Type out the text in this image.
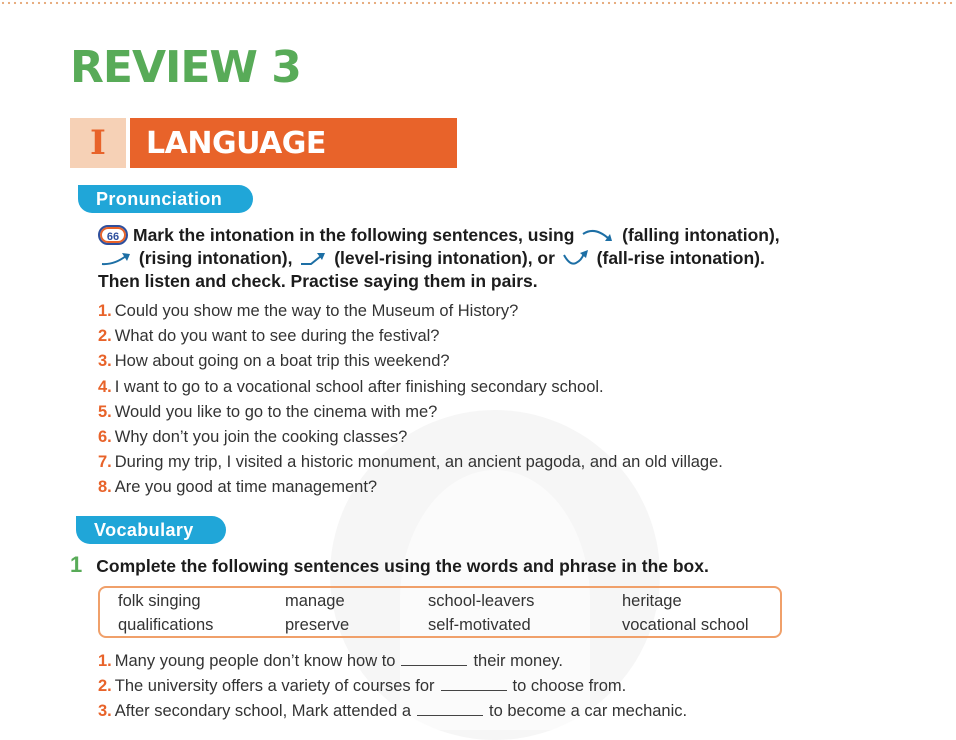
REVIEW 3
I	LANGUAGE
Pronunciation
66 Mark the intonation in the following sentences, using	(falling intonation),
(rising intonation), (level-rising intonation), or (fall-rise intonation).
Then listen and check. Practise saying them in pairs.
1. Could you show me the way to the Museum of History?
2. What do you want to see during the festival?
3. How about going on a boat trip this weekend?
4. I want to go to a vocational school after finishing secondary school.
5. Would you like to go to the cinema with me?
6. Why don’t you join the cooking classes?
7. During my trip, I visited a historic monument, an ancient pagoda, and an old village.
8. Are you good at time management?
Vocabulary
1 Complete the following sentences using the words and phrase in the box.
folk singing	manage	school-leavers	heritage
qualifications	preserve	self-motivated	vocational school
1. Many young people don’t know how to	their money.
2. The university offers a variety of courses for	to choose from.
3. After secondary school, Mark attended a	to become a car mechanic.
